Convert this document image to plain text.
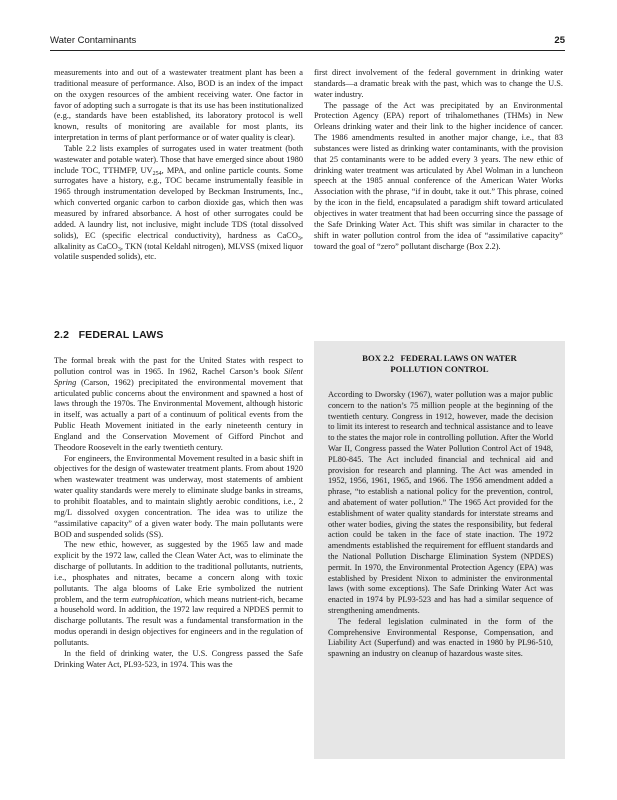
Water Contaminants	25

measurements into and out of a wastewater treatment plant has been a traditional measure of performance. Also, BOD is an index of the impact on the oxygen resources of the ambient receiving water. One factor in favor of adopting such a surrogate is that its use has been institutionalized (e.g., standards have been established, its laboratory protocol is well known, results of monitoring are available for most plants, its interpretation in terms of plant performance or of water quality is clear).

Table 2.2 lists examples of surrogates used in water treatment (both wastewater and potable water). Those that have emerged since about 1980 include TOC, TTHMFP, $UV_{254}$, MPA, and online particle counts. Some surrogates have a history, e.g., TOC became instrumentally feasible in 1965 through instrumentation developed by Beckman Instruments, Inc., which converted organic carbon to carbon dioxide gas, which then was measured by infrared absorbance. A host of other surrogates could be added. A laundry list, not inclusive, might include TDS (total dissolved solids), EC (specific electrical conductivity), hardness as CaCO$_3$, alkalinity as CaCO$_3$, TKN (total Keldahl nitrogen), MLVSS (mixed liquor volatile suspended solids), etc.

first direct involvement of the federal government in drinking water standards—a dramatic break with the past, which was to change the U.S. water industry.

The passage of the Act was precipitated by an Environmental Protection Agency (EPA) report of trihalomethanes (THMs) in New Orleans drinking water and their link to the higher incidence of cancer. The 1986 amendments resulted in another major change, i.e., that 83 substances were listed as drinking water contaminants, with the provision that 25 contaminants were to be added every 3 years. The new ethic of drinking water treatment was articulated by Abel Wolman in a luncheon speech at the 1985 annual conference of the American Water Works Association with the phrase, “if in doubt, take it out.” This phrase, coined by the icon in the field, encapsulated a paradigm shift toward articulated objectives in water treatment that had been occurring since the passage of the Safe Drinking Water Act. This shift was similar in character to the shift in water pollution control from the idea of “assimilative capacity” toward the goal of “zero” pollutant discharge (Box 2.2).

2.2 FEDERAL LAWS

The formal break with the past for the United States with respect to pollution control was in 1965. In 1962, Rachel Carson’s book Silent Spring (Carson, 1962) precipitated the environmental movement that articulated public concerns about the environment and spawned a host of laws through the 1970s. The Environmental Movement, although historic in itself, was actually a part of a continuum of political events from the Public Heath Movement initiated in the early nineteenth century in England and the Conservation Movement of Gifford Pinchot and Theodore Roosevelt in the early twentieth century.

For engineers, the Environmental Movement resulted in a basic shift in objectives for the design of wastewater treatment plants. From about 1920 when wastewater treatment was underway, most statements of ambient water quality standards were merely to eliminate sludge banks in streams, to prohibit floatables, and to maintain slightly aerobic conditions, i.e., 2 mg/L dissolved oxygen concentration. The idea was to utilize the “assimilative capacity” of a given water body. The main pollutants were BOD and suspended solids (SS).

The new ethic, however, as suggested by the 1965 law and made explicit by the 1972 law, called the Clean Water Act, was to eliminate the discharge of pollutants. In addition to the traditional pollutants, nutrients, i.e., phosphates and nitrates, became a concern along with toxic pollutants. The alga blooms of Lake Erie symbolized the nutrient problem, and the term eutrophication, which means nutrient-rich, became a household word. In addition, the 1972 law required a NPDES permit to discharge pollutants. The result was a fundamental transformation in the modus operandi in design objectives for engineers and in the regulation of pollutants.

In the field of drinking water, the U.S. Congress passed the Safe Drinking Water Act, PL93-523, in 1974. This was the

BOX 2.2   FEDERAL LAWS ON WATER
POLLUTION CONTROL

According to Dworsky (1967), water pollution was a major public concern to the nation’s 75 million people at the beginning of the twentieth century. Congress in 1912, however, made the decision to limit its interest to research and technical assistance and to leave to the states the major role in controlling pollution. After the World War II, Congress passed the Water Pollution Control Act of 1948, PL80-845. The Act included financial and technical aid and provision for research and planning. The Act was amended in 1952, 1956, 1961, 1965, and 1966. The 1956 amendment added a phrase, “to establish a national policy for the prevention, control, and abatement of water pollution.” The 1965 Act provided for the establishment of water quality standards for interstate streams and other water bodies, giving the states the responsibility, but federal action could be taken in the face of state inaction. The 1972 amendments established the requirement for effluent standards and the National Pollution Discharge Elimination System (NPDES) permit. In 1970, the Environmental Protection Agency (EPA) was established by President Nixon to administer the environmental laws (with some exceptions). The Safe Drinking Water Act was enacted in 1974 by PL93-523 and has had a similar sequence of strengthening amendments.

The federal legislation culminated in the form of the Comprehensive Environmental Response, Compensation, and Liability Act (Superfund) and was enacted in 1980 by PL96-510, spawning an industry on cleanup of hazardous waste sites.
